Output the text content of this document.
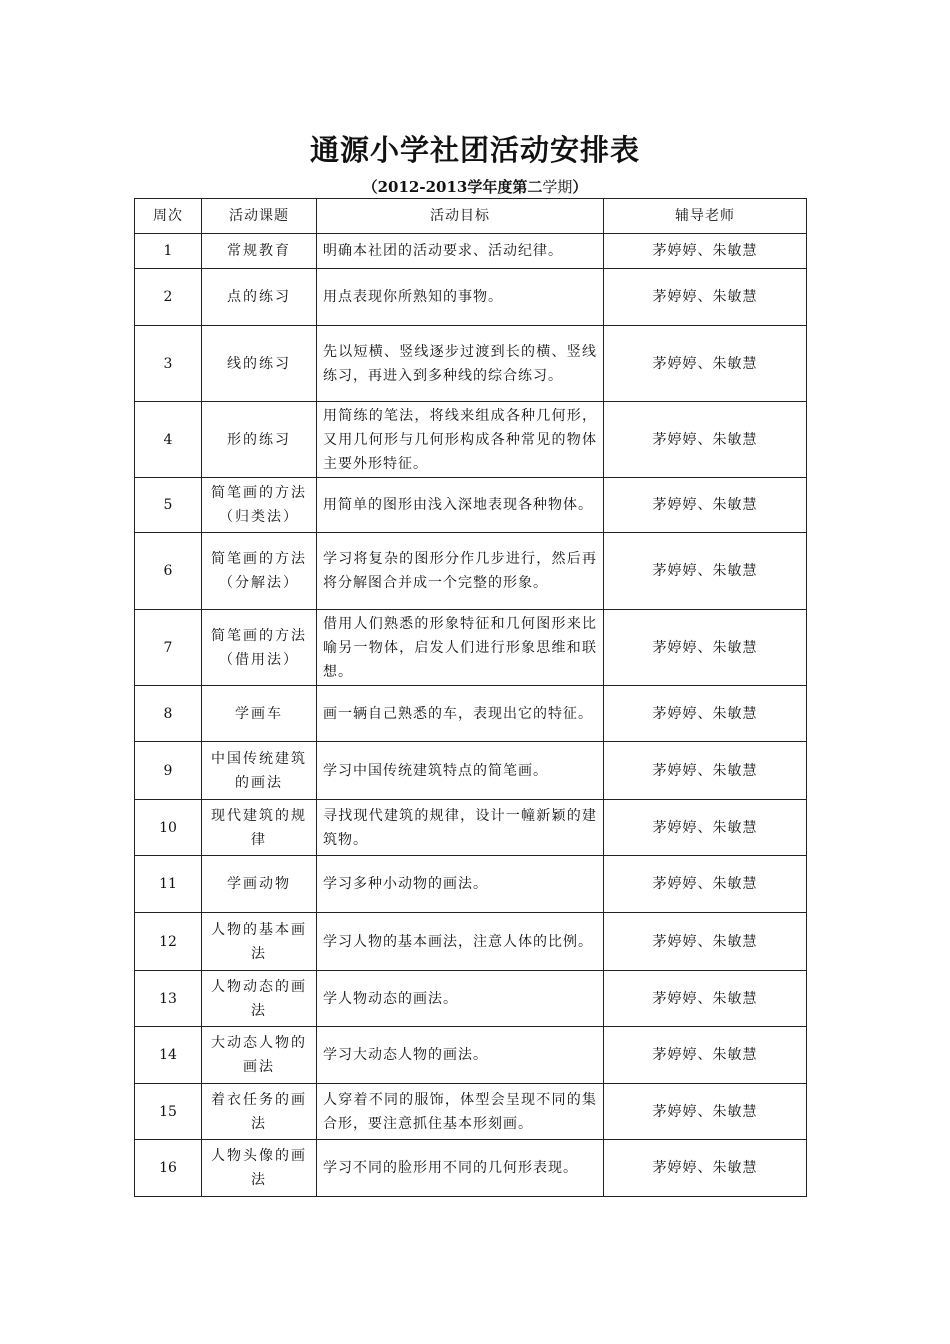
通源小学社团活动安排表
（2012-2013学年度第二学期）
周次	活动课题	活动目标	辅导老师
1	常规教育	明确本社团的活动要求、活动纪律。	茅婷婷、朱敏慧
2	点的练习	用点表现你所熟知的事物。	茅婷婷、朱敏慧
3	线的练习	先以短横、竖线逐步过渡到长的横、竖线练习，再进入到多种线的综合练习。	茅婷婷、朱敏慧
4	形的练习	用简练的笔法，将线来组成各种几何形，又用几何形与几何形构成各种常见的物体主要外形特征。	茅婷婷、朱敏慧
5	简笔画的方法（归类法）	用简单的图形由浅入深地表现各种物体。	茅婷婷、朱敏慧
6	简笔画的方法（分解法）	学习将复杂的图形分作几步进行，然后再将分解图合并成一个完整的形象。	茅婷婷、朱敏慧
7	简笔画的方法（借用法）	借用人们熟悉的形象特征和几何图形来比喻另一物体，启发人们进行形象思维和联想。	茅婷婷、朱敏慧
8	学画车	画一辆自己熟悉的车，表现出它的特征。	茅婷婷、朱敏慧
9	中国传统建筑的画法	学习中国传统建筑特点的简笔画。	茅婷婷、朱敏慧
10	现代建筑的规律	寻找现代建筑的规律，设计一幢新颖的建筑物。	茅婷婷、朱敏慧
11	学画动物	学习多种小动物的画法。	茅婷婷、朱敏慧
12	人物的基本画法	学习人物的基本画法，注意人体的比例。	茅婷婷、朱敏慧
13	人物动态的画法	学人物动态的画法。	茅婷婷、朱敏慧
14	大动态人物的画法	学习大动态人物的画法。	茅婷婷、朱敏慧
15	着衣任务的画法	人穿着不同的服饰，体型会呈现不同的集合形，要注意抓住基本形刻画。	茅婷婷、朱敏慧
16	人物头像的画法	学习不同的脸形用不同的几何形表现。	茅婷婷、朱敏慧
